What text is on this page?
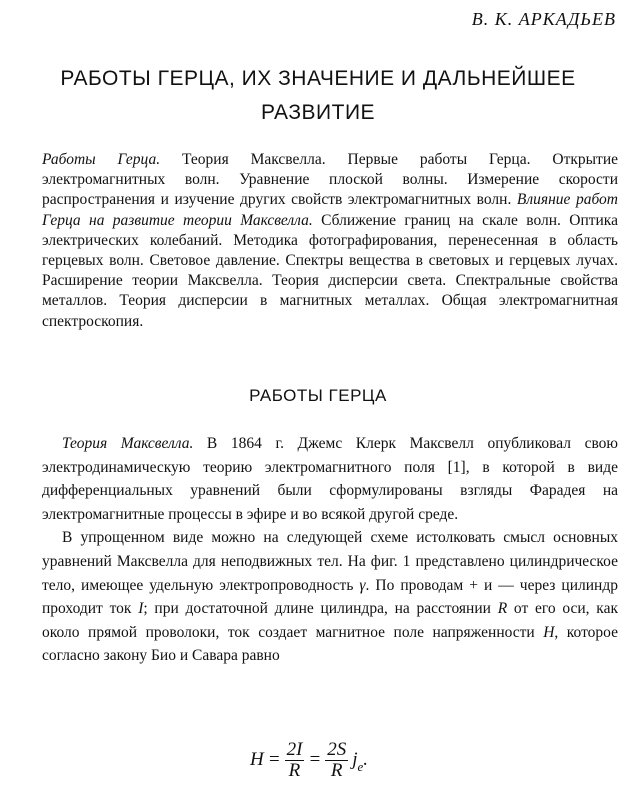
В. К. АРКАДЬЕВ
РАБОТЫ ГЕРЦА, ИХ ЗНАЧЕНИЕ И ДАЛЬНЕЙШЕЕ
РАЗВИТИЕ
Работы Герца. Теория Максвелла. Первые работы Герца. Открытие электромагнитных волн. Уравнение плоской волны. Измерение скорости распространения и изучение других свойств электромагнитных волн. Влияние работ Герца на развитие теории Максвелла. Сближение границ на скале волн. Оптика электрических колебаний. Методика фотографирования, перенесенная в область герцевых волн. Световое давление. Спектры вещества в световых и герцевых лучах. Расширение теории Максвелла. Теория дисперсии света. Спектральные свойства металлов. Теория дисперсии в магнитных металлах. Общая электромагнитная спектроскопия.
РАБОТЫ ГЕРЦА

Теория Максвелла. В 1864 г. Джемс Клерк Максвелл опубликовал свою электродинамическую теорию электромагнитного поля [1], в которой в виде дифференциальных уравнений были сформулированы взгляды Фарадея на электромагнитные процессы в эфире и во всякой другой среде.

В упрощенном виде можно на следующей схеме истолковать смысл основных уравнений Максвелла для неподвижных тел. На фиг. 1 представлено цилиндрическое тело, имеющее удельную электропроводность γ. По проводам + и — через цилиндр проходит ток I; при достаточной длине цилиндра, на расстоянии R от его оси, как около прямой проволоки, ток создает магнитное поле напряженности H, которое согласно закону Био и Савара равно

$H = \frac{2I}{R} = \frac{2S}{R} j_e$.
